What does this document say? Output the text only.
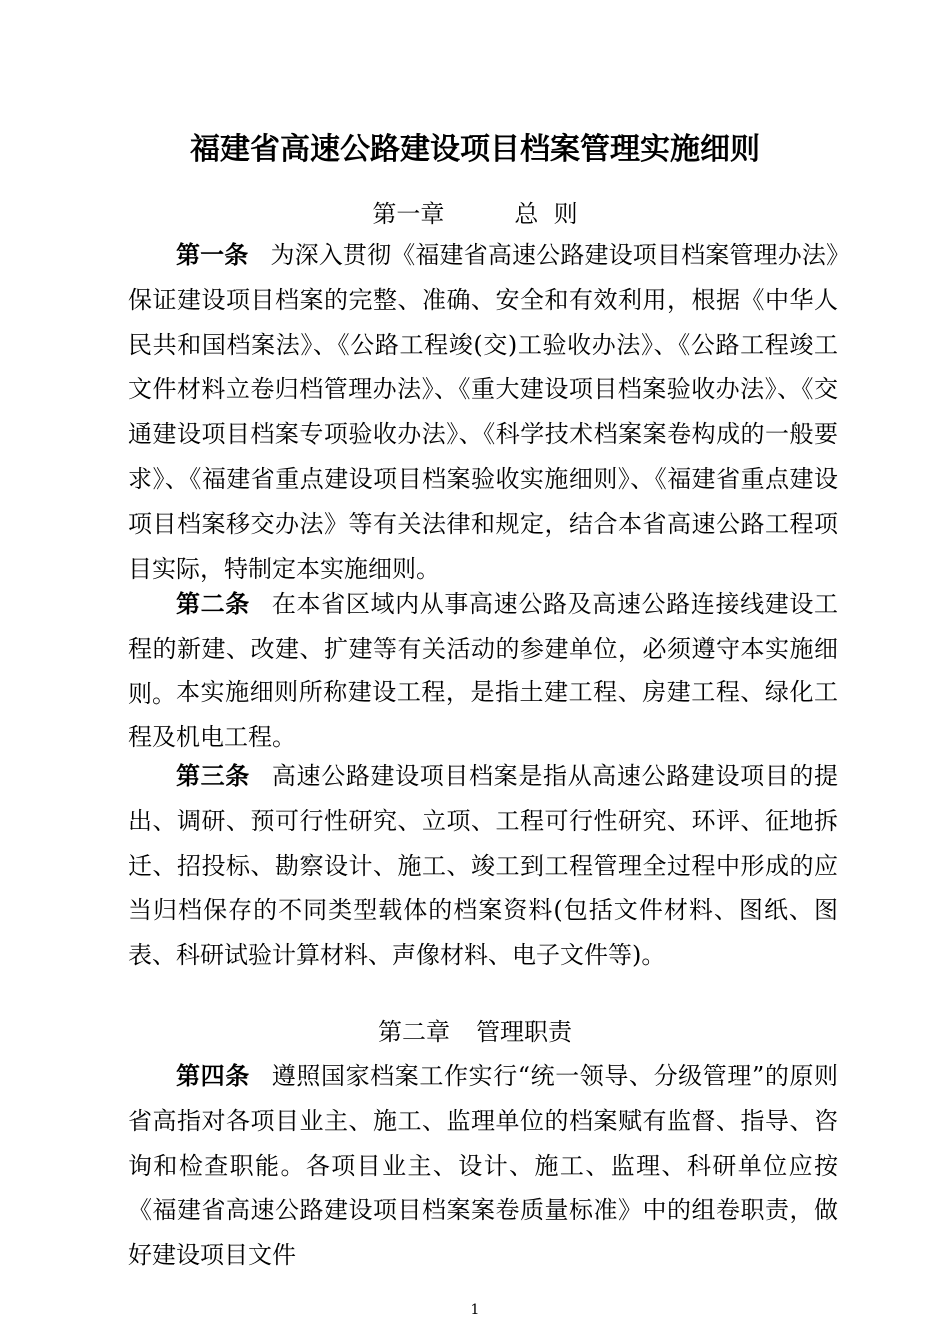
福建省高速公路建设项目档案管理实施细则
第一章	总  则

第一条 为深入贯彻《福建省高速公路建设项目档案管理办法》保证建设项目档案的完整、准确、安全和有效利用，根据《中华人民共和国档案法》、《公路工程竣(交)工验收办法》、《公路工程竣工文件材料立卷归档管理办法》、《重大建设项目档案验收办法》、《交通建设项目档案专项验收办法》、《科学技术档案案卷构成的一般要求》、《福建省重点建设项目档案验收实施细则》、《福建省重点建设项目档案移交办法》等有关法律和规定，结合本省高速公路工程项目实际，特制定本实施细则。

第二条 在本省区域内从事高速公路及高速公路连接线建设工程的新建、改建、扩建等有关活动的参建单位，必须遵守本实施细则。 本实施细则所称建设工程，是指土建工程、房建工程、绿化工程及机电工程。

第三条 高速公路建设项目档案是指从高速公路建设项目的提出、调研、预可行性研究、立项、工程可行性研究、环评、征地拆迁、招投标、勘察设计、施工、竣工到工程管理全过程中形成的应当归档保存的不同类型载体的档案资料(包括文件材料、图纸、图表、科研试验计算材料、声像材料、电子文件等)。

第二章 管理职责

第四条 遵照国家档案工作实行“统一领导、分级管理”的原则省高指对各项目业主、施工、监理单位的档案赋有监督、指导、咨询和检查职能。各项目业主、设计、施工、监理、科研单位应按《福建省高速公路建设项目档案案卷质量标准》中的组卷职责，做好建设项目文件

1
